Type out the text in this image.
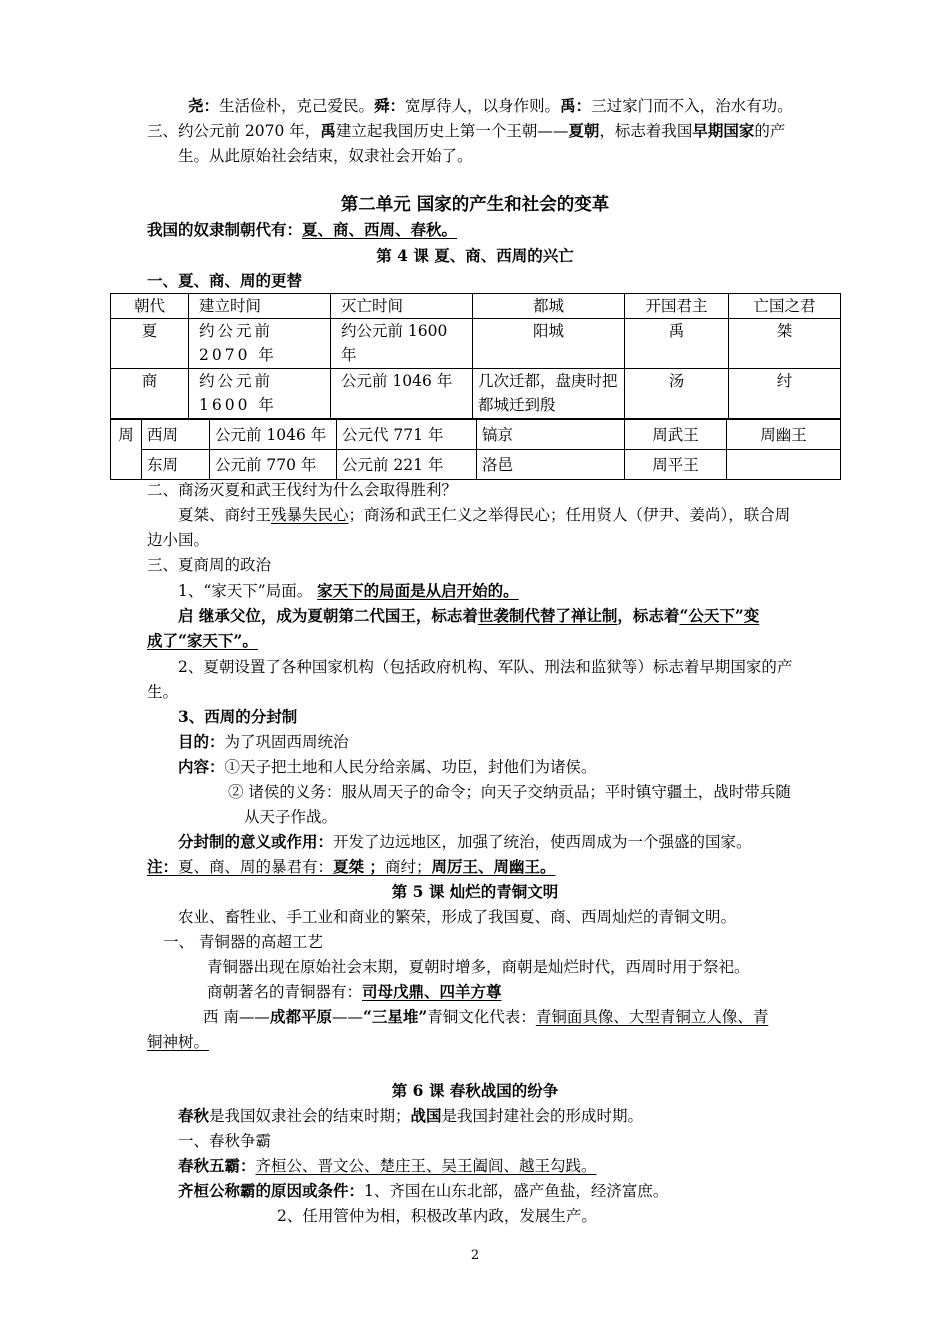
尧：生活俭朴，克己爱民。舜：宽厚待人，以身作则。禹：三过家门而不入，治水有功。
三、约公元前 2070 年，禹建立起我国历史上第一个王朝——夏朝，标志着我国早期国家的产
生。从此原始社会结束，奴隶社会开始了。
第二单元 国家的产生和社会的变革
我国的奴隶制朝代有：夏、商、西周、春秋。
第 4 课 夏、商、西周的兴亡
一、夏、商、周的更替
朝代	建立时间	灭亡时间	都城	开国君主	亡国之君
夏	约公元前 2070 年	约公元前 1600 年	阳城	禹	桀
商	约公元前 1600 年	公元前 1046 年	几次迁都，盘庚时把都城迁到殷	汤	纣
周	西周	公元前 1046 年	公元代 771 年	镐京	周武王	周幽王
	东周	公元前 770 年	公元前 221 年	洛邑	周平王	
二、商汤灭夏和武王伐纣为什么会取得胜利？
夏桀、商纣王残暴失民心；商汤和武王仁义之举得民心；任用贤人（伊尹、姜尚），联合周
边小国。
三、夏商周的政治
1、“家天下”局面。 家天下的局面是从启开始的。
启 继承父位，成为夏朝第二代国王，标志着世袭制代替了禅让制，标志着“公天下”变
成了“家天下”。
2、夏朝设置了各种国家机构（包括政府机构、军队、刑法和监狱等）标志着早期国家的产
生。
3、西周的分封制
目的：为了巩固西周统治
内容：①天子把土地和人民分给亲属、功臣，封他们为诸侯。
② 诸侯的义务：服从周天子的命令；向天子交纳贡品；平时镇守疆土，战时带兵随
从天子作战。
分封制的意义或作用：开发了边远地区，加强了统治，使西周成为一个强盛的国家。
注：夏、商、周的暴君有：夏桀 ；商纣；周厉王、周幽王。
第 5 课 灿烂的青铜文明
农业、畜牲业、手工业和商业的繁荣，形成了我国夏、商、西周灿烂的青铜文明。
一、 青铜器的高超工艺
青铜器出现在原始社会末期，夏朝时增多，商朝是灿烂时代，西周时用于祭祀。
商朝著名的青铜器有：司母戊鼎、四羊方尊
西 南——成都平原——“三星堆”青铜文化代表：青铜面具像、大型青铜立人像、青
铜神树。
第 6 课 春秋战国的纷争
春秋是我国奴隶社会的结束时期；战国是我国封建社会的形成时期。
一、春秋争霸
春秋五霸：齐桓公、晋文公、楚庄王、吴王阖闾、越王勾践。
齐桓公称霸的原因或条件：1、齐国在山东北部，盛产鱼盐，经济富庶。
2、任用管仲为相，积极改革内政，发展生产。
2
